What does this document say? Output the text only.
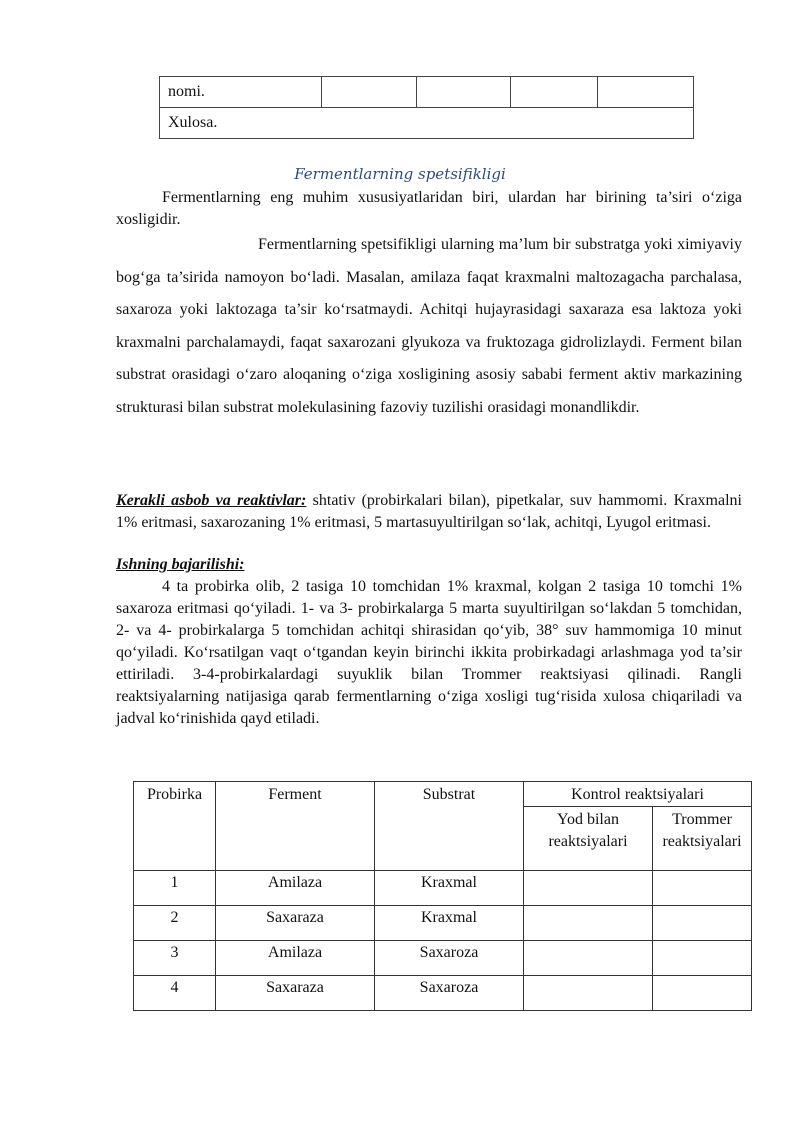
nomi.				
Xulosa.
Fermentlarning spetsifikligi

Fermentlarning eng muhim xususiyatlaridan biri, ulardan har birining ta’siri o‘ziga xosligidir.

Fermentlarning spetsifikligi ularning ma’lum bir substratga yoki ximiyaviy bog‘ga ta’sirida namoyon bo‘ladi. Masalan, amilaza faqat kraxmalni maltozagacha parchalasa, saxaroza yoki laktozaga ta’sir ko‘rsatmaydi. Achitqi hujayrasidagi saxaraza esa laktoza yoki kraxmalni parchalamaydi, faqat saxarozani glyukoza va fruktozaga gidrolizlaydi. Ferment bilan substrat orasidagi o‘zaro aloqaning o‘ziga xosligining asosiy sababi ferment aktiv markazining strukturasi bilan substrat molekulasining fazoviy tuzilishi orasidagi monandlikdir.

Kerakli asbob va reaktivlar: shtativ (probirkalari bilan), pipetkalar, suv hammomi. Kraxmalni 1% eritmasi, saxarozaning 1% eritmasi, 5 martasuyultirilgan so‘lak, achitqi, Lyugol eritmasi.

Ishning bajarilishi:

4 ta probirka olib, 2 tasiga 10 tomchidan 1% kraxmal, kolgan 2 tasiga 10 tomchi 1% saxaroza eritmasi qo‘yiladi. 1- va 3- probirkalarga 5 marta suyultirilgan so‘lakdan 5 tomchidan, 2- va 4- probirkalarga 5 tomchidan achitqi shirasidan qo‘yib, 38° suv hammomiga 10 minut qo‘yiladi. Ko‘rsatilgan vaqt o‘tgandan keyin birinchi ikkita probirkadagi arlashmaga yod ta’sir ettiriladi. 3-4-probirkalardagi suyuklik bilan Trommer reaktsiyasi qilinadi. Rangli reaktsiyalarning natijasiga qarab fermentlarning o‘ziga xosligi tug‘risida xulosa chiqariladi va jadval ko‘rinishida qayd etiladi.

Probirka	Ferment	Substrat	Kontrol reaktsiyalari	
			Yod bilan reaktsiyalari	Trommer reaktsiyalari
1	Amilaza	Kraxmal		
2	Saxaraza	Kraxmal		
3	Amilaza	Saxaroza		
4	Saxaraza	Saxaroza		
